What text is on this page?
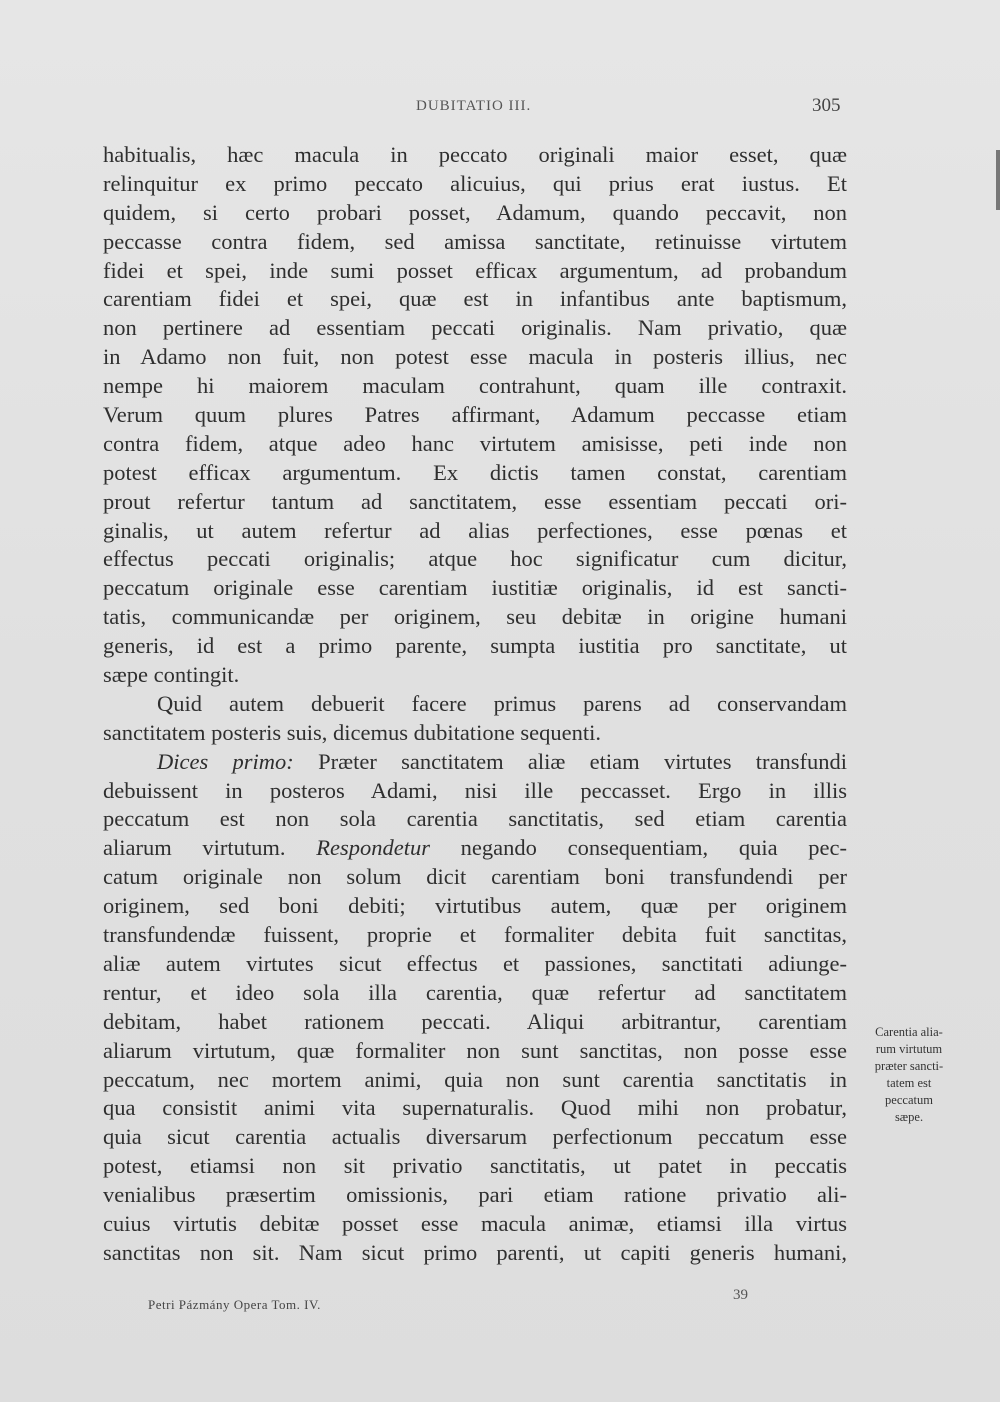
DUBITATIO III.	305
habitualis, hæc macula in peccato originali maior esset, quæ
relinquitur ex primo peccato alicuius, qui prius erat iustus. Et
quidem, si certo probari posset, Adamum, quando peccavit, non
peccasse contra fidem, sed amissa sanctitate, retinuisse virtutem
fidei et spei, inde sumi posset efficax argumentum, ad probandum
carentiam fidei et spei, quæ est in infantibus ante baptismum,
non pertinere ad essentiam peccati originalis. Nam privatio, quæ
in Adamo non fuit, non potest esse macula in posteris illius, nec
nempe hi maiorem maculam contrahunt, quam ille contraxit.
Verum quum plures Patres affirmant, Adamum peccasse etiam
contra fidem, atque adeo hanc virtutem amisisse, peti inde non
potest efficax argumentum. Ex dictis tamen constat, carentiam
prout refertur tantum ad sanctitatem, esse essentiam peccati ori-
ginalis, ut autem refertur ad alias perfectiones, esse pœnas et
effectus peccati originalis; atque hoc significatur cum dicitur,
peccatum originale esse carentiam iustitiæ originalis, id est sancti-
tatis, communicandæ per originem, seu debitæ in origine humani
generis, id est a primo parente, sumpta iustitia pro sanctitate, ut
sæpe contingit.
Quid autem debuerit facere primus parens ad conservandam
sanctitatem posteris suis, dicemus dubitatione sequenti.
Dices primo: Præter sanctitatem aliæ etiam virtutes transfundi
debuissent in posteros Adami, nisi ille peccasset. Ergo in illis
peccatum est non sola carentia sanctitatis, sed etiam carentia
aliarum virtutum. Respondetur negando consequentiam, quia pec-
catum originale non solum dicit carentiam boni transfundendi per
originem, sed boni debiti; virtutibus autem, quæ per originem
transfundendæ fuissent, proprie et formaliter debita fuit sanctitas,
aliæ autem virtutes sicut effectus et passiones, sanctitati adiunge-
rentur, et ideo sola illa carentia, quæ refertur ad sanctitatem
debitam, habet rationem peccati. Aliqui arbitrantur, carentiam
aliarum virtutum, quæ formaliter non sunt sanctitas, non posse esse
peccatum, nec mortem animi, quia non sunt carentia sanctitatis in
qua consistit animi vita supernaturalis. Quod mihi non probatur,
quia sicut carentia actualis diversarum perfectionum peccatum esse
potest, etiamsi non sit privatio sanctitatis, ut patet in peccatis
venialibus præsertim omissionis, pari etiam ratione privatio ali-
cuius virtutis debitæ posset esse macula animæ, etiamsi illa virtus
sanctitas non sit. Nam sicut primo parenti, ut capiti generis humani,
Carentia alia-
rum virtutum
præter sancti-
tatem est
peccatum
sæpe.
Petri Pázmány Opera Tom. IV.
39
